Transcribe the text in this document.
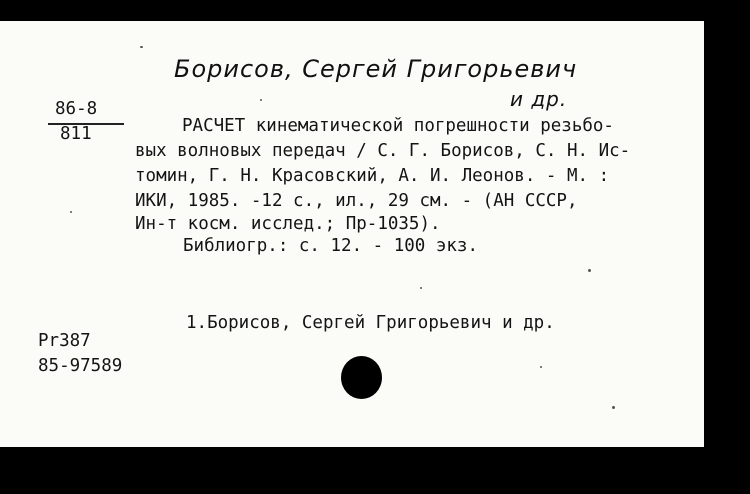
Борисов, Сергей Григорьевич
и др.
86-8
811	РАСЧЕТ кинематической погрешности резьбо-
вых волновых передач / С. Г. Борисов, С. Н. Ис-
томин, Г. Н. Красовский, А. И. Леонов. - М. :
ИКИ, 1985. -12 с., ил., 29 см. - (АН СССР,
Ин-т косм. исслед.; Пр-1035).
Библиогр.: с. 12. - 100 экз.
1.Борисов, Сергей Григорьевич и др.
Pr387
85-97589
